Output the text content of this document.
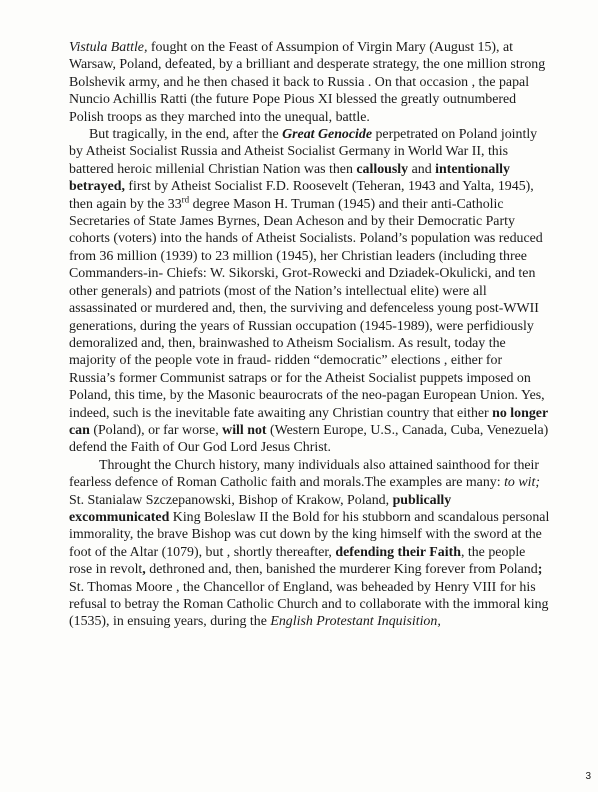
Vistula Battle, fought on the Feast of Assumpion of Virgin Mary (August 15), at Warsaw, Poland, defeated, by a brilliant and desperate strategy, the one million strong Bolshevik army, and he then chased it back to Russia . On that occasion , the papal Nuncio Achillis Ratti (the future Pope Pious XI blessed the greatly outnumbered Polish troops as they marched into the unequal, battle.

But tragically, in the end, after the Great Genocide perpetrated on Poland jointly by Atheist Socialist Russia and Atheist Socialist Germany in World War II, this battered heroic millenial Christian Nation was then callously and intentionally betrayed, first by Atheist Socialist F.D. Roosevelt (Teheran, 1943 and Yalta, 1945), then again by the 33rd degree Mason H. Truman (1945) and their anti-Catholic Secretaries of State James Byrnes, Dean Acheson and by their Democratic Party cohorts (voters) into the hands of Atheist Socialists. Poland’s population was reduced from 36 million (1939) to 23 million (1945), her Christian leaders (including three Commanders-in- Chiefs: W. Sikorski, Grot-Rowecki and Dziadek-Okulicki, and ten other generals) and patriots (most of the Nation’s intellectual elite) were all assassinated or murdered and, then, the surviving and defenceless young post-WWII generations, during the years of Russian occupation (1945-1989), were perfidiously demoralized and, then, brainwashed to Atheism Socialism. As result, today the majority of the people vote in fraud- ridden “democratic” elections , either for Russia’s former Communist satraps or for the Atheist Socialist puppets imposed on Poland, this time, by the Masonic beaurocrats of the neo-pagan European Union. Yes, indeed, such is the inevitable fate awaiting any Christian country that either no longer can (Poland), or far worse, will not (Western Europe, U.S., Canada, Cuba, Venezuela) defend the Faith of Our God Lord Jesus Christ.

Throught the Church history, many individuals also attained sainthood for their fearless defence of Roman Catholic faith and morals.The examples are many: to wit;

St. Stanialaw Szczepanowski, Bishop of Krakow, Poland, publically excommunicated King Boleslaw II the Bold for his stubborn and scandalous personal immorality, the brave Bishop was cut down by the king himself with the sword at the foot of the Altar (1079), but , shortly thereafter, defending their Faith, the people rose in revolt, dethroned and, then, banished the murderer King forever from Poland; St. Thomas Moore , the Chancellor of England, was beheaded by Henry VIII for his refusal to betray the Roman Catholic Church and to collaborate with the immoral king (1535), in ensuing years, during the English Protestant Inquisition,

3
